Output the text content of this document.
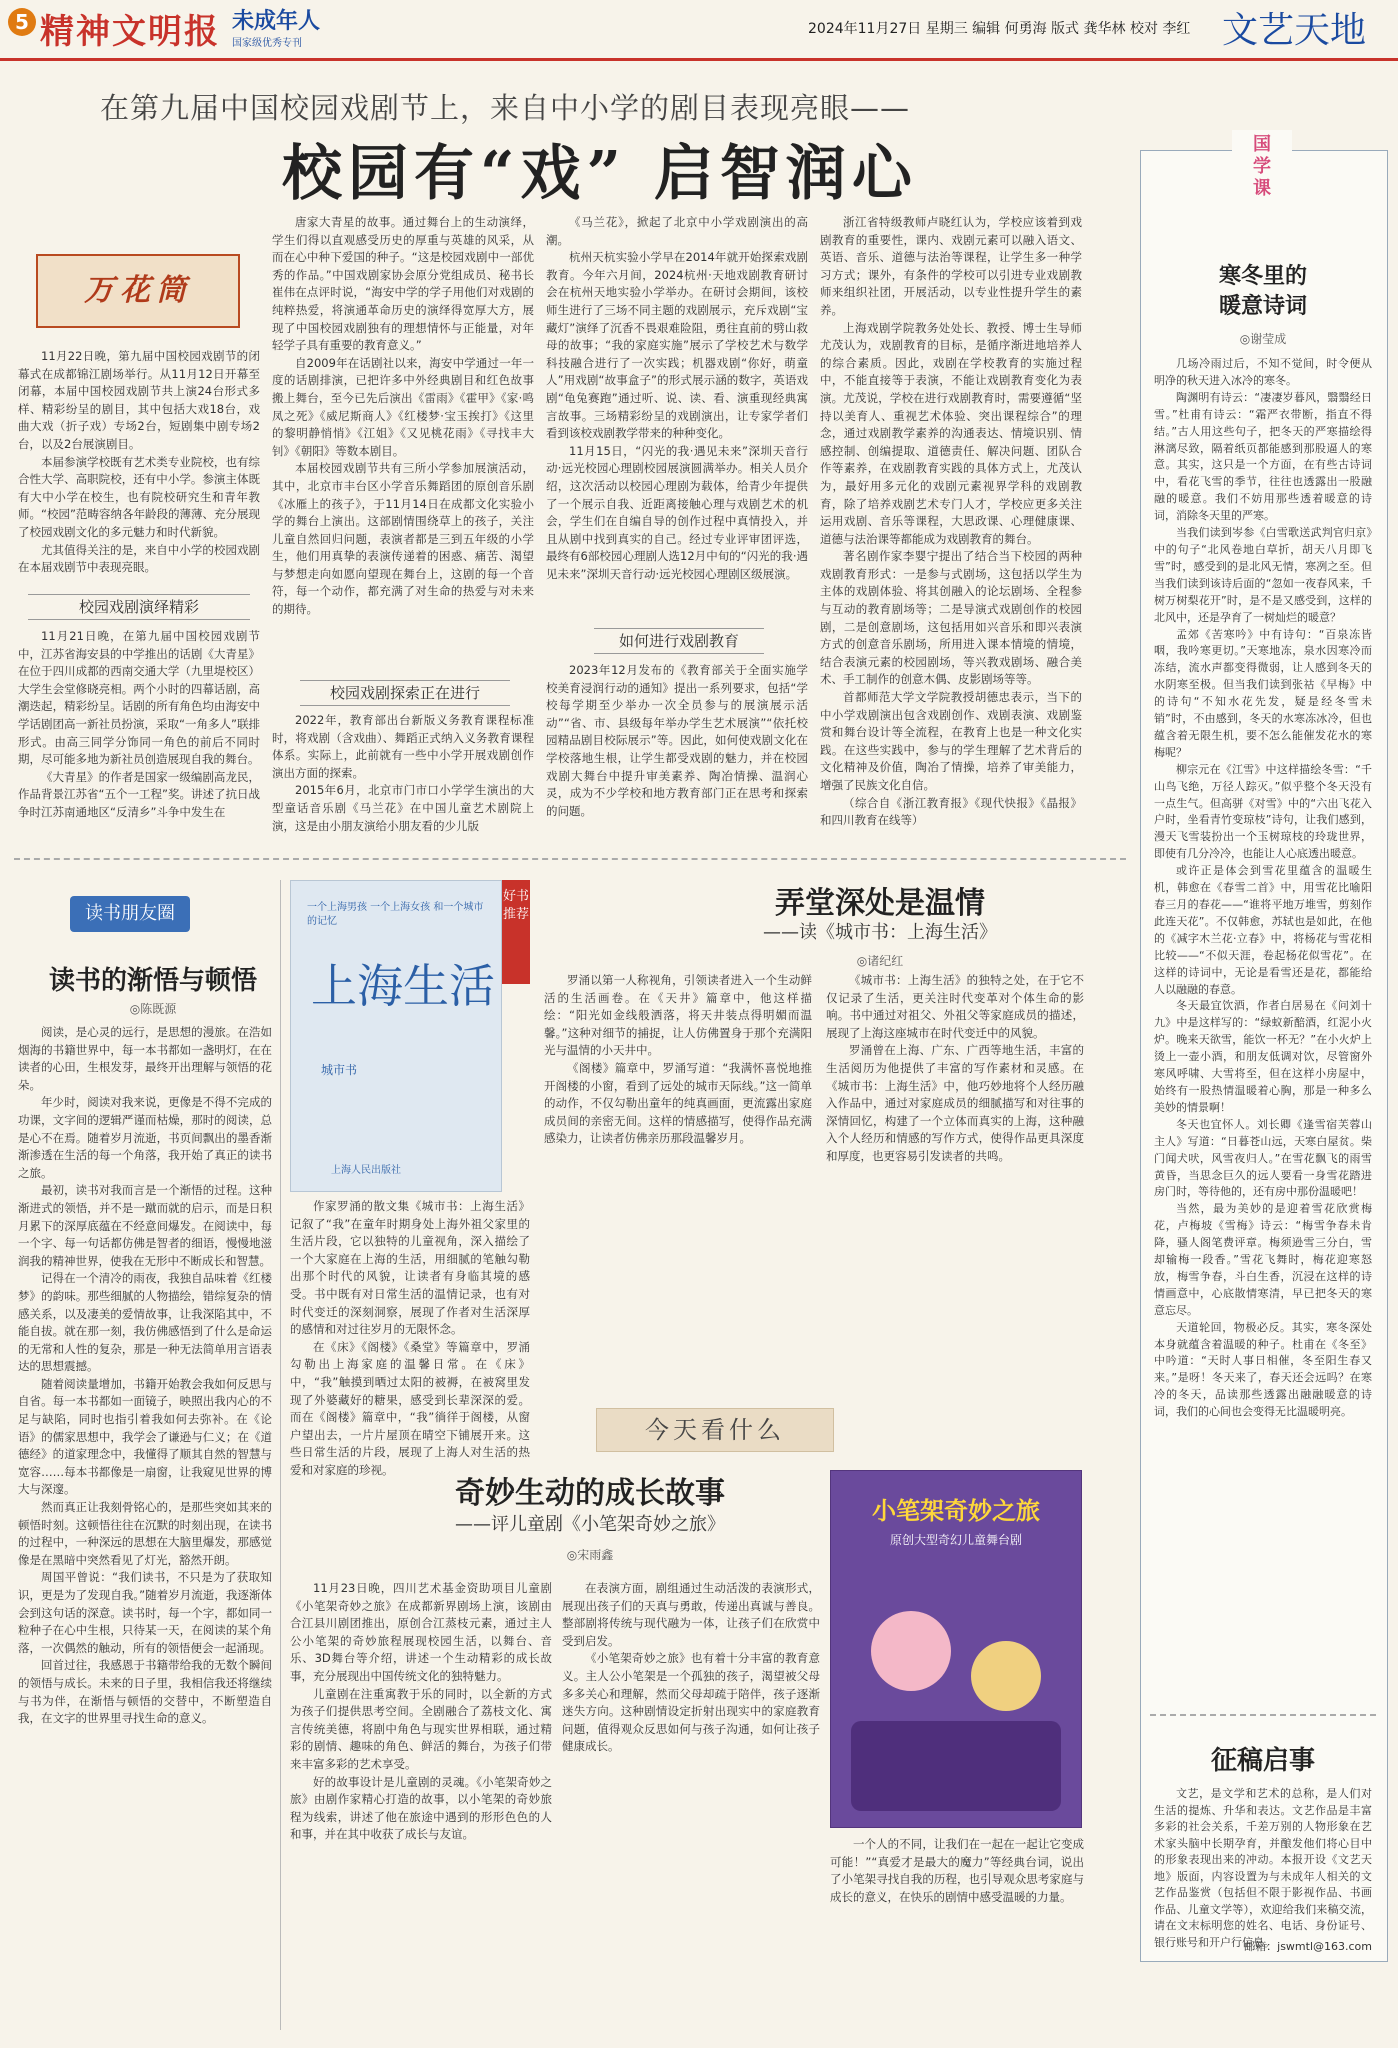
5 精神文明报 未成年人
国家级优秀专刊
2024年11月27日 星期三 编辑 何勇海 版式 龚华林 校对 李红 文艺天地
在第九届中国校园戏剧节上，来自中小学的剧目表现亮眼——
校园有“戏” 启智润心
万花筒

11月22日晚，第九届中国校园戏剧节的闭幕式在成都锦江剧场举行。从11月12日开幕至闭幕，本届中国校园戏剧节共上演24台形式多样、精彩纷呈的剧目，其中包括大戏18台，戏曲大戏（折子戏）专场2台，短剧集中剧专场2台，以及2台展演剧目。

本届参演学校既有艺术类专业院校，也有综合性大学、高职院校，还有中小学。参演主体既有大中小学在校生，也有院校研究生和青年教师。“校园”范畴容纳各年龄段的薄薄、充分展现了校园戏剧文化的多元魅力和时代新貌。

尤其值得关注的是，来自中小学的校园戏剧在本届戏剧节中表现亮眼。

校园戏剧演绎精彩

11月21日晚，在第九届中国校园戏剧节中，江苏省海安县的中学推出的话剧《大青星》在位于四川成都的西南交通大学（九里堤校区）大学生会堂修晓亮相。两个小时的四幕话剧，高潮迭起，精彩纷呈。话剧的所有角色均由海安中学话剧团高一新社员扮演，采取“一角多人”联排形式。由高三同学分饰同一角色的前后不同时期，尽可能多地为新社员创造展现自我的舞台。

《大青星》的作者是国家一级编剧高龙民，作品背景江苏省“五个一工程”奖。讲述了抗日战争时江苏南通地区“反清乡”斗争中发生在

唐家大青星的故事。通过舞台上的生动演绎，学生们得以直观感受历史的厚重与英雄的风采，从而在心中种下爱国的种子。“这是校园戏剧中一部优秀的作品。”中国戏剧家协会原分党组成员、秘书长崔伟在点评时说，“海安中学的学子用他们对戏剧的纯粹热爱，将演通革命历史的演绎得宽厚大方，展现了中国校园戏剧独有的理想情怀与正能量，对年轻学子具有重要的教育意义。”

自2009年在话剧社以来，海安中学通过一年一度的话剧排演，已把许多中外经典剧目和红色故事搬上舞台，至今已先后演出《雷雨》《霍甲》《家·鸣凤之死》《威尼斯商人》《红楼梦·宝玉挨打》《这里的黎明静悄悄》《江姐》《又见桃花雨》《寻找丰大钊》《朝阳》等数本剧目。

本届校园戏剧节共有三所小学参加展演活动，其中，北京市丰台区小学音乐舞蹈团的原创音乐剧《冰雁上的孩子》，于11月14日在成都文化实验小学的舞台上演出。这部剧情围绕草上的孩子，关注儿童自然回归问题，表演者都是三到五年级的小学生，他们用真挚的表演传递着的困惑、痛苦、渴望与梦想走向如愿向望现在舞台上，这剧的每一个音符，每一个动作，都充满了对生命的热爱与对未来的期待。

校园戏剧探索正在进行

2022年，教育部出台新版义务教育课程标准时，将戏剧（含戏曲）、舞蹈正式纳入义务教育课程体系。实际上，此前就有一些中小学开展戏剧创作演出方面的探索。

2015年6月，北京市门市口小学学生演出的大型童话音乐剧《马兰花》在中国儿童艺术剧院上演，这是由小朋友演给小朋友看的少儿版

《马兰花》，掀起了北京中小学戏剧演出的高潮。

杭州天杭实验小学早在2014年就开始探索戏剧教育。今年六月间，2024杭州·天地戏剧教育研讨会在杭州天地实验小学举办。在研讨会期间，该校师生进行了三场不同主题的戏剧展示，充斥戏剧“宝藏灯”演绎了沉香不畏艰难险阻，勇往直前的劈山救母的故事；“我的家庭实施”展示了学校艺术与数学科技融合进行了一次实践；机器戏剧“你好，萌童人”用戏剧“故事盒子”的形式展示涵的数字，英语戏剧“龟兔赛跑”通过听、说、读、看、演重现经典寓言故事。三场精彩纷呈的戏剧演出，让专家学者们看到该校戏剧教学带来的种种变化。

11月15日，“闪光的我·遇见未来”深圳天音行动·远光校园心理剧校园展演圆满举办。相关人员介绍，这次活动以校园心理剧为载体，给青少年提供了一个展示自我、近距离接触心理与戏剧艺术的机会，学生们在自编自导的创作过程中真情投入，并且从剧中找到真实的自己。经过专业评审团评选，最终有6部校园心理剧人选12月中旬的“闪光的我·遇见未来”深圳天音行动·远光校园心理剧区级展演。

如何进行戏剧教育

2023年12月发布的《教育部关于全面实施学校美育浸润行动的通知》提出一系列要求，包括“学校每学期至少举办一次全员参与的展演展示活动”“省、市、县级每年举办学生艺术展演”“依托校园精品剧目校际展示”等。因此，如何使戏剧文化在学校落地生根，让学生都受戏剧的魅力，并在校园戏剧大舞台中提升审美素养、陶冶情操、温润心灵，成为不少学校和地方教育部门正在思考和探索的问题。

浙江省特级教师卢晓红认为，学校应该着到戏剧教育的重要性，课内、戏剧元素可以融入语文、英语、音乐、道德与法治等课程，让学生多一种学习方式；课外，有条件的学校可以引进专业戏剧教师来组织社团，开展活动，以专业性提升学生的素养。

上海戏剧学院教务处处长、教授、博士生导师尤茂认为，戏剧教育的目标，是循序渐进地培养人的综合素质。因此，戏剧在学校教育的实施过程中，不能直接等于表演，不能让戏剧教育变化为表演。尤茂说，学校在进行戏剧教育时，需要遵循“坚持以美育人、重视艺术体验、突出课程综合”的理念，通过戏剧教学素养的沟通表达、情境识别、情感控制、创编提取、道德责任、解决问题、团队合作等素养，在戏剧教育实践的具体方式上，尤茂认为，最好用多元化的戏剧元素视界学科的戏剧教育，除了培养戏剧艺术专门人才，学校应更多关注运用戏剧、音乐等课程，大思政课、心理健康课、道德与法治课等都能成为戏剧教育的舞台。

著名剧作家李婴宁提出了结合当下校园的两种戏剧教育形式：一是参与式剧场，这包括以学生为主体的戏剧体验、将其创融入的论坛剧场、全程参与互动的教育剧场等；二是导演式戏剧创作的校园剧，二是创意剧场，这包括用如兴音乐和即兴表演方式的创意音乐剧场，所用进入课本情境的情境，结合表演元素的校园剧场，等兴教戏剧场、融合美术、手工制作的创意木偶、皮影剧场等等。

首都师范大学文学院教授胡德忠表示，当下的中小学戏剧演出包含戏剧创作、戏剧表演、戏剧鉴赏和舞台设计等全流程，在教育上也是一种文化实践。在这些实践中，参与的学生理解了艺术背后的文化精神及价值，陶冶了情操，培养了审美能力，增强了民族文化自信。

（综合自《浙江教育报》《现代快报》《晶报》和四川教育在线等）

国学课
寒冬里的暖意诗词
◎谢莹成

几场冷雨过后，不知不觉间，时令便从明净的秋天进入冰冷的寒冬。

陶渊明有诗云：“凄凄岁暮风，翳翳经日雪。”杜甫有诗云：“霜严衣带断，指直不得结。”古人用这些句子，把冬天的严寒描绘得淋漓尽致，隔着纸页都能感到那股逼人的寒意。其实，这只是一个方面，在有些古诗词中，看花飞雪的季节，往往也透露出一股融融的暖意。我们不妨用那些透着暖意的诗词，消除冬天里的严寒。

当我们读到岑参《白雪歌送武判官归京》中的句子“北风卷地白草折，胡天八月即飞雪”时，感受到的是北风无情，寒冽之至。但当我们读到该诗后面的“忽如一夜春风来，千树万树梨花开”时，是不是又感受到，这样的北风中，还是孕育了一树灿烂的暖意？

孟郊《苦寒吟》中有诗句：“百泉冻皆咽，我吟寒更切。”天寒地冻，泉水因寒冷而冻结，流水声都变得微弱，让人感到冬天的水阴寒至极。但当我们读到张祜《早梅》中的诗句“不知水花先发，疑是经冬雪未销”时，不由感到，冬天的水寒冻冰冷，但也蕴含着无限生机，要不怎么能催发花水的寒梅呢？

柳宗元在《江雪》中这样描绘冬雪：“千山鸟飞绝，万径人踪灭。”似乎整个冬天没有一点生气。但高骈《对雪》中的“六出飞花入户时，坐看青竹变琼枝”诗句，让我们感到，漫天飞雪装扮出一个玉树琼枝的玲珑世界，即使有几分冷冷，也能让人心底透出暖意。

或许正是体会到雪花里蕴含的温暖生机，韩愈在《春雪二首》中，用雪花比喻阳春三月的春花——“谁将平地万堆雪，剪刻作此连天花”。不仅韩愈，苏轼也是如此，在他的《减字木兰花·立春》中，将杨花与雪花相比较——“不似天涯，卷起杨花似雪花”。在这样的诗词中，无论是看雪还是花，都能给人以融融的春意。

冬天最宜饮酒，作者白居易在《问刘十九》中是这样写的：“绿蚁新醅酒，红泥小火炉。晚来天欲雪，能饮一杯无？”在小火炉上烫上一壶小酒，和朋友低调对饮，尽管窗外寒风呼啸、大雪将至，但在这样小房屋中，始终有一股热情温暖着心胸，那是一种多么美妙的情景啊！

冬天也宜怀人。刘长卿《逢雪宿芙蓉山主人》写道：“日暮苍山远，天寒白屋贫。柴门闻犬吠，风雪夜归人。”在雪花飘飞的雨雪黄昏，当思念巨久的远人要看一身雪花踏进房门时，等待他的，还有房中那份温暖吧！

当然，最为美妙的是迎着雪花欣赏梅花，卢梅坡《雪梅》诗云：“梅雪争春未肯降，骚人阁笔费评章。梅须逊雪三分白，雪却输梅一段香。”雪花飞舞时，梅花迎寒怒放，梅雪争春，斗白生香，沉浸在这样的诗情画意中，心底散情寒清，早已把冬天的寒意忘尽。

天道轮回，物极必反。其实，寒冬深处本身就蕴含着温暖的种子。杜甫在《冬至》中吟道：“天时人事日相催，冬至阳生春又来。”是呀！冬天来了，春天还会远吗？在寒冷的冬天，品读那些透露出融融暖意的诗词，我们的心间也会变得无比温暖明亮。

征稿启事

文艺，是文学和艺术的总称，是人们对生活的提炼、升华和表达。文艺作品是丰富多彩的社会关系，千差万别的人物形象在艺术家头脑中长期孕育，并酿发他们将心目中的形象表现出来的冲动。本报开设《文艺天地》版面，内容设置为与未成年人相关的文艺作品鉴赏（包括但不限于影视作品、书画作品、儿童文学等），欢迎给我们来稿交流，请在文末标明您的姓名、电话、身份证号、银行账号和开户行信息。

邮箱：jswmtl@163.com
读书朋友圈
读书的渐悟与顿悟
◎陈既源

阅读，是心灵的远行，是思想的漫旅。在浩如烟海的书籍世界中，每一本书都如一盏明灯，在在读者的心田，生根发芽，最终开出理解与领悟的花朵。

年少时，阅读对我来说，更像是不得不完成的功课，文字间的逻辑严谨而枯燥，那时的阅读，总是心不在焉。随着岁月流逝，书页间飘出的墨香渐渐渗透在生活的每一个角落，我开始了真正的读书之旅。

最初，读书对我而言是一个渐悟的过程。这种渐进式的领悟，并不是一蹴而就的启示，而是日积月累下的深厚底蕴在不经意间爆发。在阅读中，每一个字、每一句话都仿佛是智者的细语，慢慢地滋润我的精神世界，使我在无形中不断成长和智慧。

记得在一个清冷的雨夜，我独自品味着《红楼梦》的韵味。那些细腻的人物描绘，错综复杂的情感关系，以及凄美的爱情故事，让我深陷其中，不能自拔。就在那一刻，我仿佛感悟到了什么是命运的无常和人性的复杂，那是一种无法简单用言语表达的思想震撼。

随着阅读量增加，书籍开始教会我如何反思与自省。每一本书都如一面镜子，映照出我内心的不足与缺陷，同时也指引着我如何去弥补。在《论语》的儒家思想中，我学会了谦逊与仁义；在《道德经》的道家理念中，我懂得了顺其自然的智慧与宽容……每本书都像是一扇窗，让我窥见世界的博大与深邃。

然而真正让我刻骨铭心的，是那些突如其来的顿悟时刻。这顿悟往往在沉默的时刻出现，在读书的过程中，一种深远的思想在大脑里爆发，那感觉像是在黑暗中突然看见了灯光，豁然开朗。

周国平曾说：“我们读书，不只是为了获取知识，更是为了发现自我。”随着岁月流逝，我逐渐体会到这句话的深意。读书时，每一个字，都如同一粒种子在心中生根，只待某一天，在阅读的某个角落，一次偶然的触动，所有的领悟便会一起涌现。

回首过往，我感恩于书籍带给我的无数个瞬间的领悟与成长。未来的日子里，我相信我还将继续与书为伴，在渐悟与顿悟的交替中，不断塑造自我，在文字的世界里寻找生命的意义。

一个上海男孩 一个上海女孩 和一个城市的记忆
上海生活
城市书
上海人民出版社
好书推荐	弄堂深处是温情
——读《城市书：上海生活》
◎诸纪红

作家罗涌的散文集《城市书：上海生活》记叙了“我”在童年时期身处上海外祖父家里的生活片段，它以独特的儿童视角，深入描绘了一个大家庭在上海的生活，用细腻的笔触勾勒出那个时代的风貌，让读者有身临其境的感受。书中既有对日常生活的温情记录，也有对时代变迁的深刻洞察，展现了作者对生活深厚的感情和对过往岁月的无限怀念。

在《床》《阁楼》《桑堂》等篇章中，罗涌勾勒出上海家庭的温馨日常。在《床》中，“我”触摸到晒过太阳的被褥，在被窝里发现了外婆藏好的糖果，感受到长辈深深的爱。而在《阁楼》篇章中，“我”徜徉于阁楼，从窗户望出去，一片片屋顶在晴空下铺展开来。这些日常生活的片段，展现了上海人对生活的热爱和对家庭的珍视。

罗涌以第一人称视角，引领读者进入一个生动鲜活的生活画卷。在《天井》篇章中，他这样描绘：“阳光如金线般洒落，将天井装点得明媚而温馨。”这种对细节的捕捉，让人仿佛置身于那个充满阳光与温情的小天井中。

《阁楼》篇章中，罗涌写道：“我满怀喜悦地推开阁楼的小窗，看到了远处的城市天际线。”这一简单的动作，不仅勾勒出童年的纯真画面，更流露出家庭成员间的亲密无间。这样的情感描写，使得作品充满感染力，让读者仿佛亲历那段温馨岁月。

《城市书：上海生活》的独特之处，在于它不仅记录了生活，更关注时代变革对个体生命的影响。书中通过对祖父、外祖父等家庭成员的描述，展现了上海这座城市在时代变迁中的风貌。

罗涌曾在上海、广东、广西等地生活，丰富的生活阅历为他提供了丰富的写作素材和灵感。在《城市书：上海生活》中，他巧妙地将个人经历融入作品中，通过对家庭成员的细腻描写和对往事的深情回忆，构建了一个立体而真实的上海，这种融入个人经历和情感的写作方式，使得作品更具深度和厚度，也更容易引发读者的共鸣。

今天看什么
奇妙生动的成长故事
——评儿童剧《小笔架奇妙之旅》
◎宋雨鑫
小笔架奇妙之旅
原创大型奇幻儿童舞台剧

11月23日晚，四川艺术基金资助项目儿童剧《小笔架奇妙之旅》在成都新界剧场上演，该剧由合江县川剧团推出，原创合江蒸枝元素，通过主人公小笔架的奇妙旅程展现校园生活，以舞台、音乐、3D舞台等介绍，讲述一个生动精彩的成长故事，充分展现出中国传统文化的独特魅力。

儿童剧在注重寓教于乐的同时，以全新的方式为孩子们提供思考空间。全剧融合了荔枝文化、寓言传统美德，将剧中角色与现实世界相联，通过精彩的剧情、趣味的角色、鲜活的舞台，为孩子们带来丰富多彩的艺术享受。

好的故事设计是儿童剧的灵魂。《小笔架奇妙之旅》由剧作家精心打造的故事，以小笔架的奇妙旅程为线索，讲述了他在旅途中遇到的形形色色的人和事，并在其中收获了成长与友谊。

在表演方面，剧组通过生动活泼的表演形式，展现出孩子们的天真与勇敢，传递出真诚与善良。整部剧将传统与现代融为一体，让孩子们在欣赏中受到启发。

《小笔架奇妙之旅》也有着十分丰富的教育意义。主人公小笔架是一个孤独的孩子，渴望被父母多多关心和理解，然而父母却疏于陪伴，孩子逐渐迷失方向。这种剧情设定折射出现实中的家庭教育问题，值得观众反思如何与孩子沟通，如何让孩子健康成长。

一个人的不同，让我们在一起在一起让它变成可能！”“真爱才是最大的魔力”等经典台词，说出了小笔架寻找自我的历程，也引导观众思考家庭与成长的意义，在快乐的剧情中感受温暖的力量。
